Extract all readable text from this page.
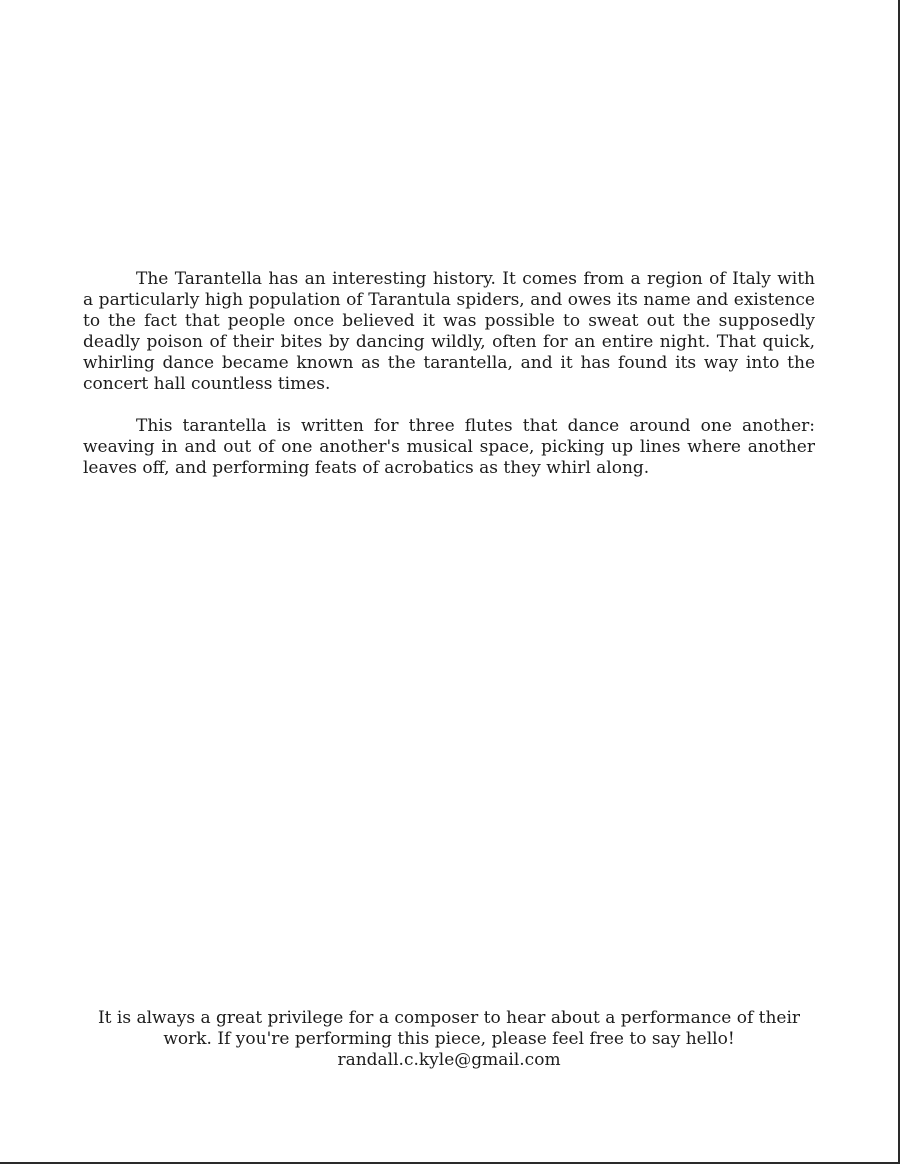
The Tarantella has an interesting history. It comes from a region of Italy with a particularly high population of Tarantula spiders, and owes its name and existence to the fact that people once believed it was possible to sweat out the supposedly deadly poison of their bites by dancing wildly, often for an entire night. That quick, whirling dance became known as the tarantella, and it has found its way into the concert hall countless times.

This tarantella is written for three flutes that dance around one another: weaving in and out of one another's musical space, picking up lines where another leaves off, and performing feats of acrobatics as they whirl along.

It is always a great privilege for a composer to hear about a performance of their
work. If you're performing this piece, please feel free to say hello!
randall.c.kyle@gmail.com
